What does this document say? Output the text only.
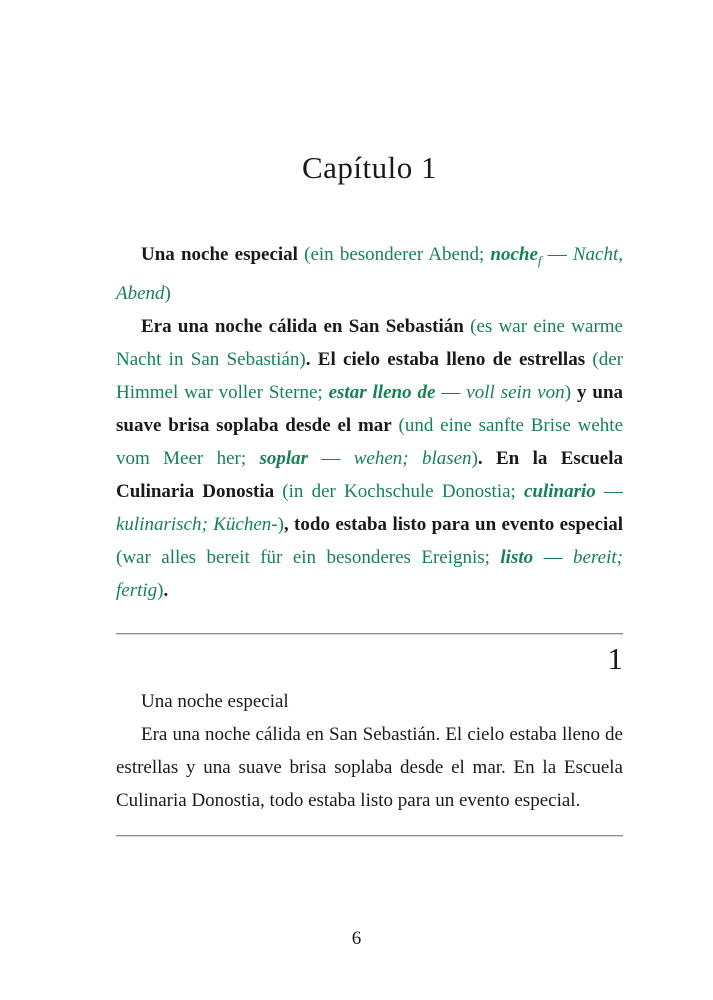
Capítulo 1

Una noche especial (ein besonderer Abend; noche$_f$ — Nacht, Abend)

Era una noche cálida en San Sebastián (es war eine warme Nacht in San Sebastián). El cielo estaba lleno de estrellas (der Himmel war voller Sterne; estar lleno de — voll sein von) y una suave brisa soplaba desde el mar (und eine sanfte Brise wehte vom Meer her; soplar — wehen; blasen). En la Escuela Culinaria Donostia (in der Kochschule Donostia; culinario — kulinarisch; Küchen-), todo estaba listo para un evento especial (war alles bereit für ein besonderes Ereignis; listo — bereit; fertig).

1

Una noche especial

Era una noche cálida en San Sebastián. El cielo estaba lleno de estrellas y una suave brisa soplaba desde el mar. En la Escuela Culinaria Donostia, todo estaba listo para un evento especial.

6
